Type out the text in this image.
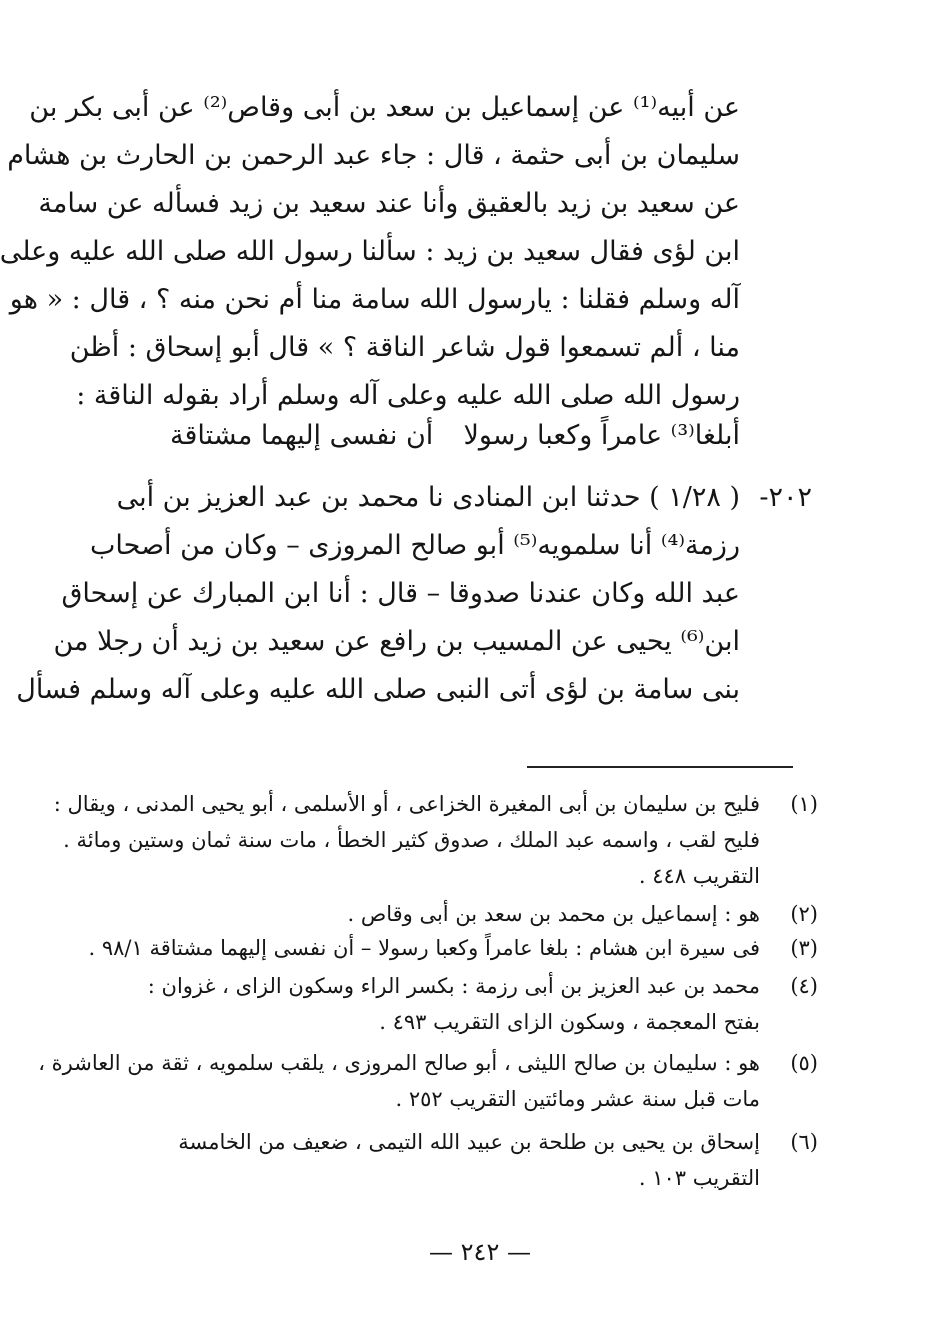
عن أبيه⁽¹⁾ عن إسماعيل بن سعد بن أبى وقاص⁽²⁾ عن أبى بكر بن
سليمان بن أبى حثمة ، قال : جاء عبد الرحمن بن الحارث بن هشام
عن سعيد بن زيد بالعقيق وأنا عند سعيد بن زيد فسأله عن سامة
ابن لؤى فقال سعيد بن زيد : سألنا رسول الله صلى الله عليه وعلى
آله وسلم فقلنا : يارسول الله سامة منا أم نحن منه ؟ ، قال : « هو
منا ، ألم تسمعوا قول شاعر الناقة ؟ » قال أبو إسحاق : أظن
رسول الله صلى الله عليه وعلى آله وسلم أراد بقوله الناقة :
أبلغا⁽³⁾ عامراً وكعبا رسولا
أن نفسى إليهما مشتاقة
٢٠٢-
( ١/٢٨ ) حدثنا ابن المنادى نا محمد بن عبد العزيز بن أبى
رزمة⁽⁴⁾ أنا سلمويه⁽⁵⁾ أبو صالح المروزى – وكان من أصحاب
عبد الله وكان عندنا صدوقا – قال : أنا ابن المبارك عن إسحاق
ابن⁽⁶⁾ يحيى عن المسيب بن رافع عن سعيد بن زيد أن رجلا من
بنى سامة بن لؤى أتى النبى صلى الله عليه وعلى آله وسلم فسأل
(١)
فليح بن سليمان بن أبى المغيرة الخزاعى ، أو الأسلمى ، أبو يحيى المدنى ، ويقال :
فليح لقب ، واسمه عبد الملك ، صدوق كثير الخطأ ، مات سنة ثمان وستين ومائة .
التقريب ٤٤٨ .
(٢)
هو : إسماعيل بن محمد بن سعد بن أبى وقاص .
(٣)
فى سيرة ابن هشام : بلغا عامراً وكعبا رسولا – أن نفسى إليهما مشتاقة ٩٨/١ .
(٤)
محمد بن عبد العزيز بن أبى رزمة : بكسر الراء وسكون الزاى ، غزوان :
بفتح المعجمة ، وسكون الزاى التقريب ٤٩٣ .
(٥)
هو : سليمان بن صالح الليثى ، أبو صالح المروزى ، يلقب سلمويه ، ثقة من العاشرة ،
مات قبل سنة عشر ومائتين التقريب ٢٥٢ .
(٦)
إسحاق بن يحيى بن طلحة بن عبيد الله التيمى ، ضعيف من الخامسة
التقريب ١٠٣ .
— ٢٤٢ —
